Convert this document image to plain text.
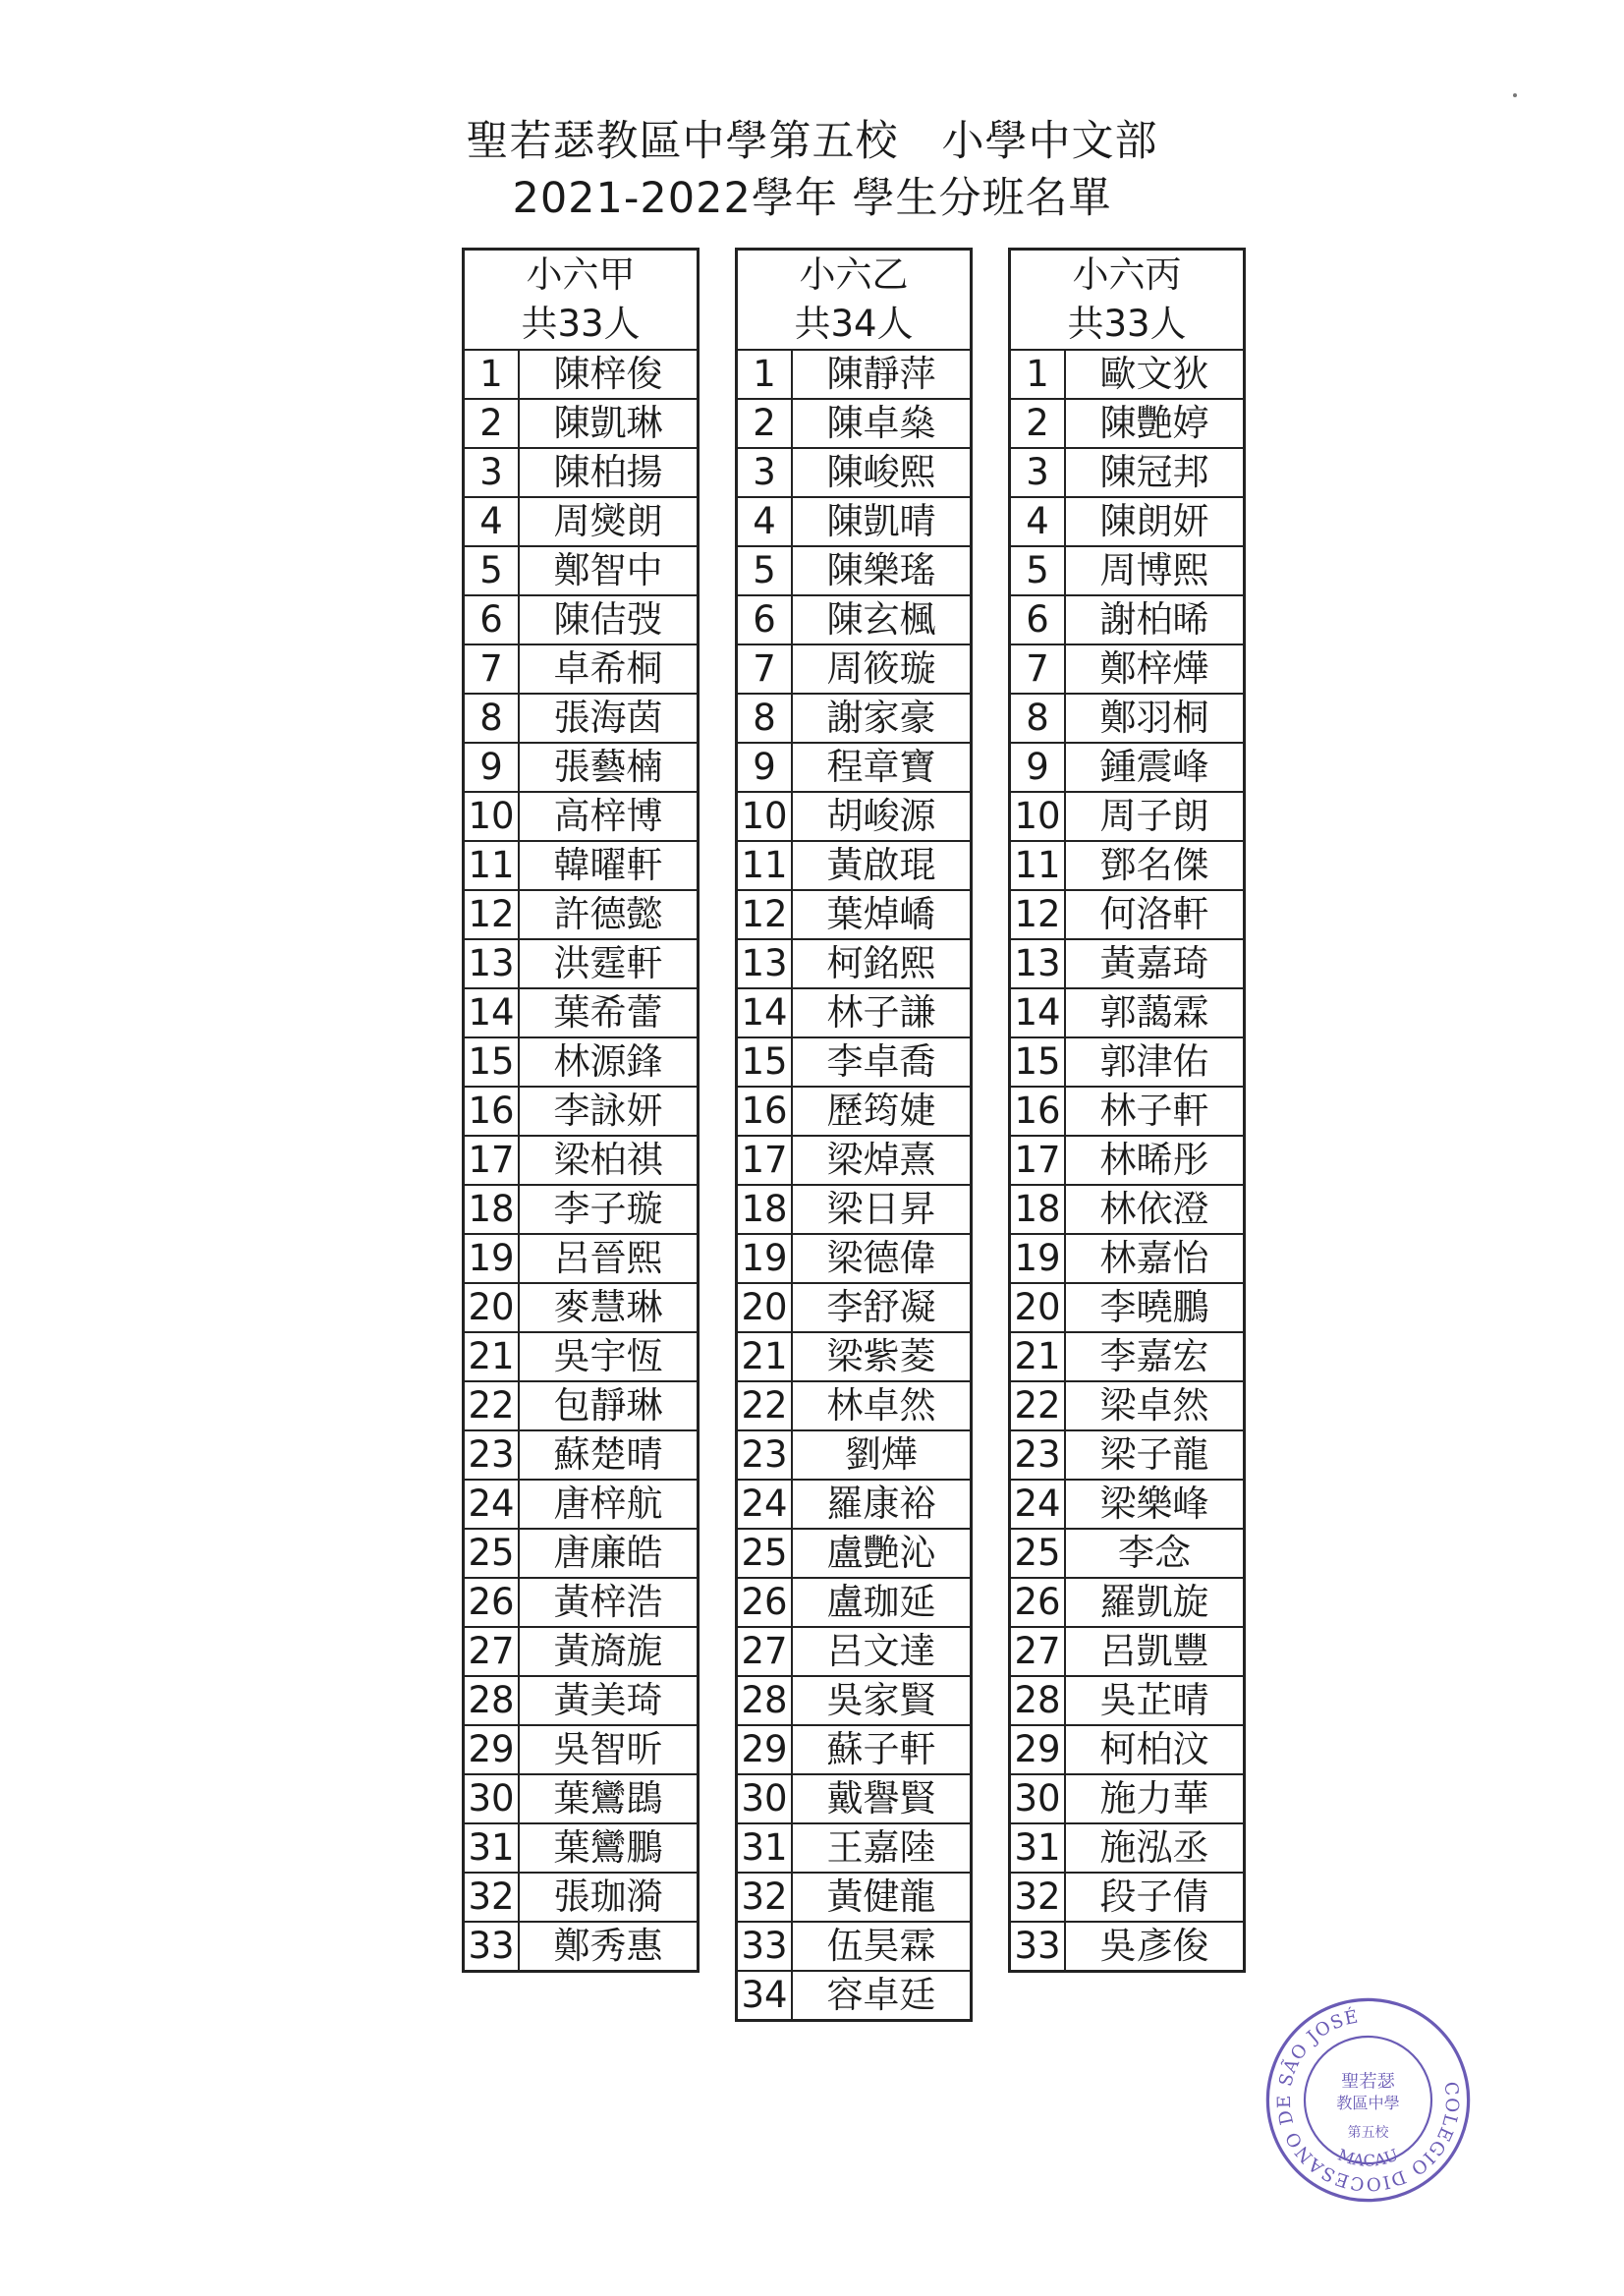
聖若瑟教區中學第五校　小學中文部
2021-2022學年 學生分班名單
小六甲
共33人	

1	陳梓俊
2	陳凱琳
3	陳柏揚
4	周爕朗
5	鄭智中
6	陳佶弢
7	卓希桐
8	張海茵
9	張藝楠
10	高梓博
11	韓曜軒
12	許德懿
13	洪霆軒
14	葉希蕾
15	林源鋒
16	李詠妍
17	梁柏祺
18	李子璇
19	呂晉熙
20	麥慧琳
21	吳宇恆
22	包靜琳
23	蘇楚晴
24	唐梓航
25	唐廉皓
26	黃梓浩
27	黃旖旎
28	黃美琦
29	吳智昕
30	葉鸞鵾
31	葉鸞鵬
32	張珈漪
33	鄭秀惠
小六乙
共34人	

1	陳靜萍
2	陳卓燊
3	陳峻熙
4	陳凱晴
5	陳樂瑤
6	陳玄楓
7	周筱璇
8	謝家豪
9	程章寶
10	胡峻源
11	黃啟琨
12	葉焯嶠
13	柯銘熙
14	林子謙
15	李卓喬
16	歷筠婕
17	梁焯熹
18	梁日昇
19	梁德偉
20	李舒凝
21	梁紫菱
22	林卓然
23	劉燁
24	羅康裕
25	盧艷沁
26	盧珈延
27	呂文達
28	吳家賢
29	蘇子軒
30	戴譽賢
31	王嘉陸
32	黃健龍
33	伍昊霖
34	容卓廷
小六丙
共33人	

1	歐文狄
2	陳艷婷
3	陳冠邦
4	陳朗妍
5	周博熙
6	謝柏晞
7	鄭梓燁
8	鄭羽桐
9	鍾震峰
10	周子朗
11	鄧名傑
12	何洛軒
13	黃嘉琦
14	郭藹霖
15	郭津佑
16	林子軒
17	林晞彤
18	林依澄
19	林嘉怡
20	李曉鵬
21	李嘉宏
22	梁卓然
23	梁子龍
24	梁樂峰
25	李念
26	羅凱旋
27	呂凱豐
28	吳芷晴
29	柯柏汶
30	施力華
31	施泓丞
32	段子倩
33	吳彥俊
COLEGIO DIOCESANO DE SÃO JOSÉ
MACAU
聖若瑟
教區中學
第五校
